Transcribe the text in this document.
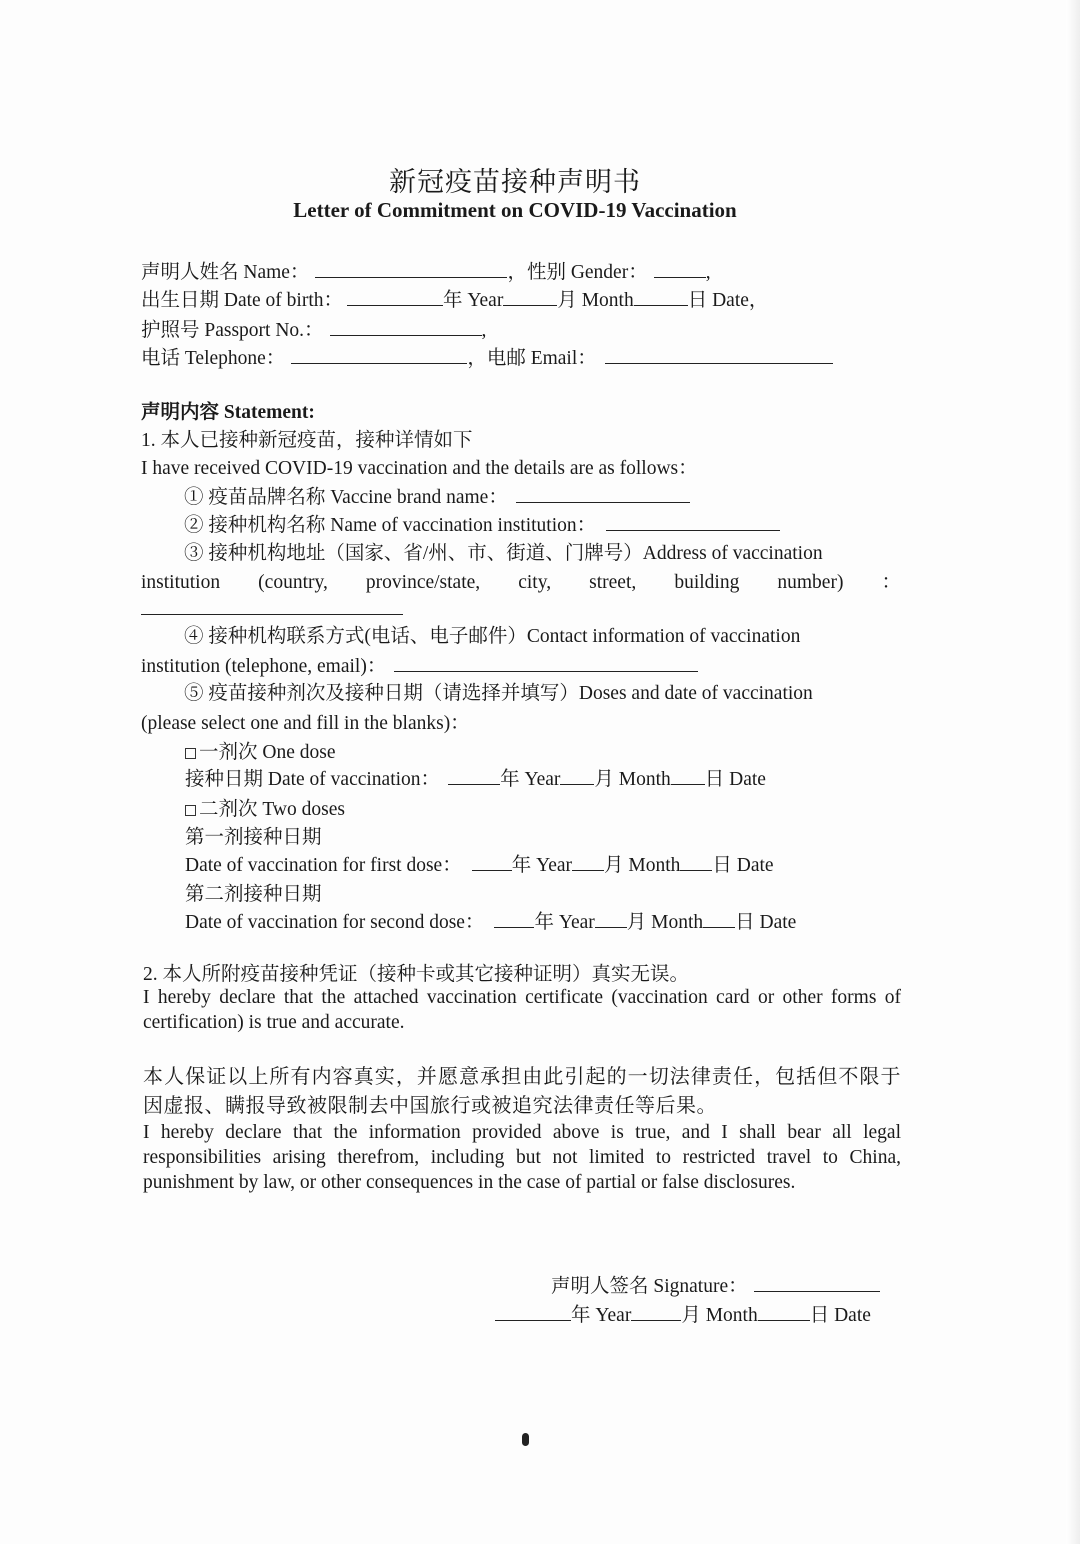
新冠疫苗接种声明书
Letter of Commitment on COVID-19 Vaccination
声明人姓名 Name：	，性别 Gender：	,
出生日期 Date of birth：	年 Year	月 Month	日 Date，
护照号 Passport No.：	,
电话 Telephone：	，电邮 Email：
声明内容 Statement:
1. 本人已接种新冠疫苗，接种详情如下
I have received COVID-19 vaccination and the details are as follows：
① 疫苗品牌名称 Vaccine brand name：
② 接种机构名称 Name of vaccination institution：
③ 接种机构地址（国家、省/州、市、街道、门牌号）Address of vaccination
institution (country, province/state, city, street, building number) ：
④ 接种机构联系方式(电话、电子邮件）Contact information of vaccination
institution (telephone, email)：
⑤ 疫苗接种剂次及接种日期（请选择并填写）Doses and date of vaccination
(please select one and fill in the blanks)：
一剂次 One dose
接种日期 Date of vaccination：	年 Year 月 Month 日 Date
二剂次 Two doses
第一剂接种日期
Date of vaccination for first dose：	年 Year 月 Month 日 Date
第二剂接种日期
Date of vaccination for second dose：	年 Year 月 Month 日 Date
2. 本人所附疫苗接种凭证（接种卡或其它接种证明）真实无误。
I hereby declare that the attached vaccination certificate (vaccination card or other forms of certification) is true and accurate.
本人保证以上所有内容真实，并愿意承担由此引起的一切法律责任，包括但不限于因虚报、瞒报导致被限制去中国旅行或被追究法律责任等后果。
I hereby declare that the information provided above is true, and I shall bear all legal responsibilities arising therefrom, including but not limited to restricted travel to China, punishment by law, or other consequences in the case of partial or false disclosures.
声明人签名 Signature：
年 Year	月 Month	日 Date
